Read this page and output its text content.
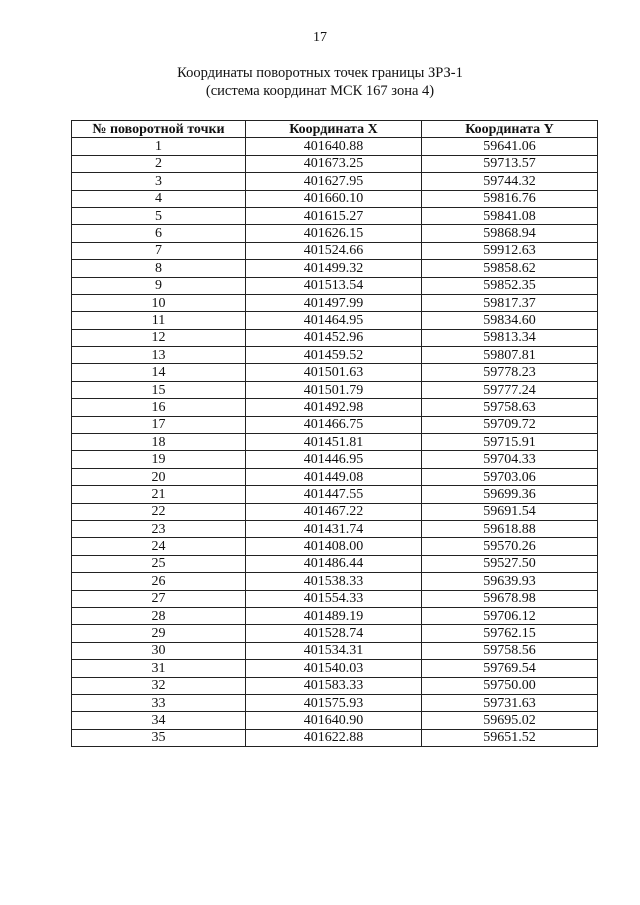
17
Координаты поворотных точек границы ЗРЗ-1
(система координат МСК 167 зона 4)
№ поворотной точки	Координата X	Координата Y
1	401640.88	59641.06
2	401673.25	59713.57
3	401627.95	59744.32
4	401660.10	59816.76
5	401615.27	59841.08
6	401626.15	59868.94
7	401524.66	59912.63
8	401499.32	59858.62
9	401513.54	59852.35
10	401497.99	59817.37
11	401464.95	59834.60
12	401452.96	59813.34
13	401459.52	59807.81
14	401501.63	59778.23
15	401501.79	59777.24
16	401492.98	59758.63
17	401466.75	59709.72
18	401451.81	59715.91
19	401446.95	59704.33
20	401449.08	59703.06
21	401447.55	59699.36
22	401467.22	59691.54
23	401431.74	59618.88
24	401408.00	59570.26
25	401486.44	59527.50
26	401538.33	59639.93
27	401554.33	59678.98
28	401489.19	59706.12
29	401528.74	59762.15
30	401534.31	59758.56
31	401540.03	59769.54
32	401583.33	59750.00
33	401575.93	59731.63
34	401640.90	59695.02
35	401622.88	59651.52
